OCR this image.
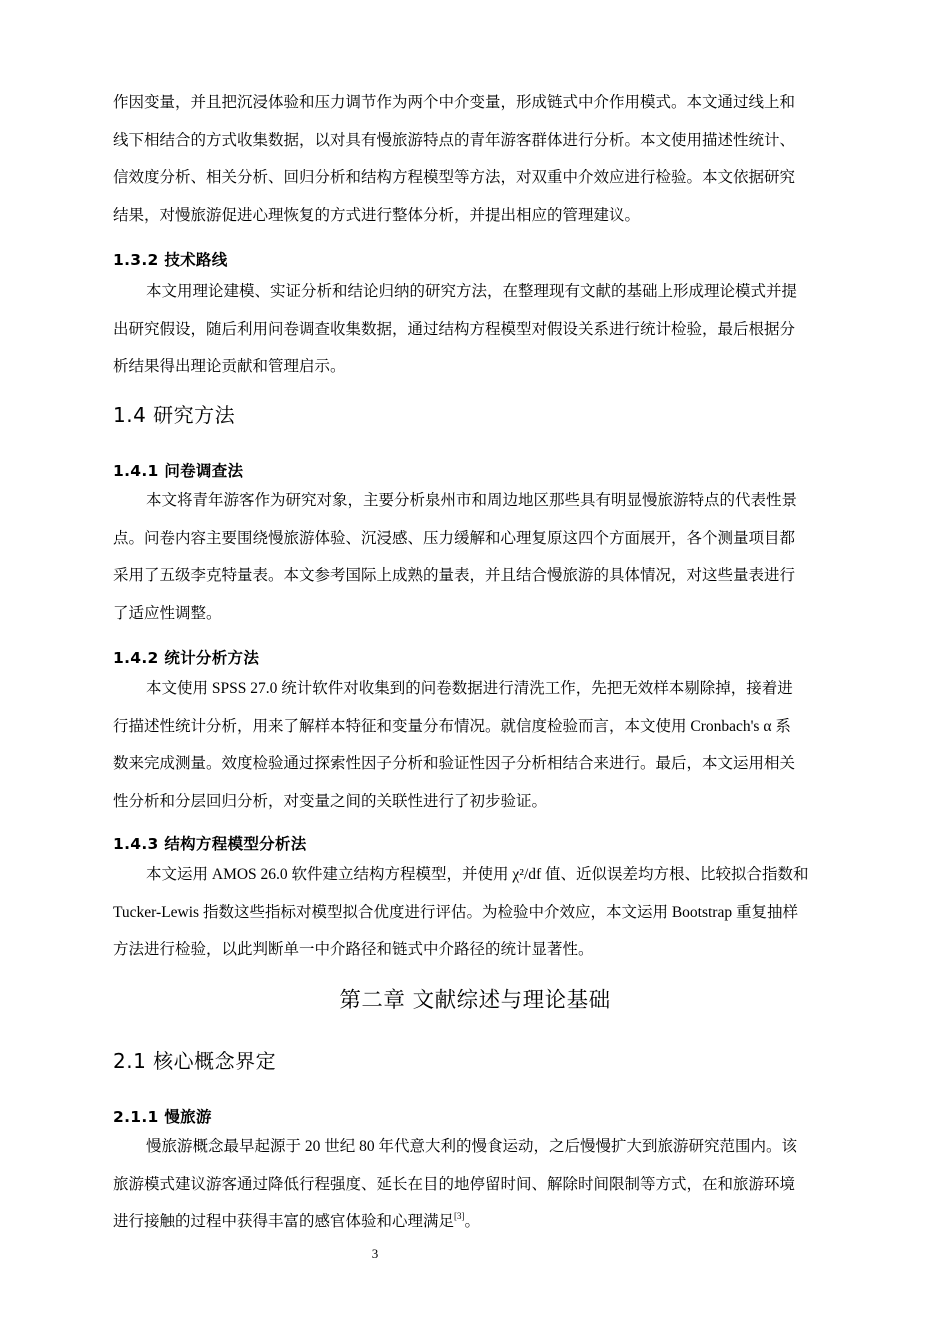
作因变量，并且把沉浸体验和压力调节作为两个中介变量，形成链式中介作用模式。本文通过线上和
线下相结合的方式收集数据，以对具有慢旅游特点的青年游客群体进行分析。本文使用描述性统计、
信效度分析、相关分析、回归分析和结构方程模型等方法，对双重中介效应进行检验。本文依据研究
结果，对慢旅游促进心理恢复的方式进行整体分析，并提出相应的管理建议。
1.3.2 技术路线
本文用理论建模、实证分析和结论归纳的研究方法，在整理现有文献的基础上形成理论模式并提
出研究假设，随后利用问卷调查收集数据，通过结构方程模型对假设关系进行统计检验，最后根据分
析结果得出理论贡献和管理启示。
1.4 研究方法
1.4.1 问卷调查法
本文将青年游客作为研究对象，主要分析泉州市和周边地区那些具有明显慢旅游特点的代表性景
点。问卷内容主要围绕慢旅游体验、沉浸感、压力缓解和心理复原这四个方面展开，各个测量项目都
采用了五级李克特量表。本文参考国际上成熟的量表，并且结合慢旅游的具体情况，对这些量表进行
了适应性调整。
1.4.2 统计分析方法
本文使用 SPSS 27.0 统计软件对收集到的问卷数据进行清洗工作，先把无效样本剔除掉，接着进
行描述性统计分析，用来了解样本特征和变量分布情况。就信度检验而言，本文使用 Cronbach's α 系
数来完成测量。效度检验通过探索性因子分析和验证性因子分析相结合来进行。最后，本文运用相关
性分析和分层回归分析，对变量之间的关联性进行了初步验证。
1.4.3 结构方程模型分析法
本文运用 AMOS 26.0 软件建立结构方程模型，并使用 χ²/df 值、近似误差均方根、比较拟合指数和
Tucker-Lewis 指数这些指标对模型拟合优度进行评估。为检验中介效应，本文运用 Bootstrap 重复抽样
方法进行检验，以此判断单一中介路径和链式中介路径的统计显著性。
第二章 文献综述与理论基础
2.1 核心概念界定
2.1.1 慢旅游
慢旅游概念最早起源于 20 世纪 80 年代意大利的慢食运动，之后慢慢扩大到旅游研究范围内。该
旅游模式建议游客通过降低行程强度、延长在目的地停留时间、解除时间限制等方式，在和旅游环境
进行接触的过程中获得丰富的感官体验和心理满足[3]。
3
